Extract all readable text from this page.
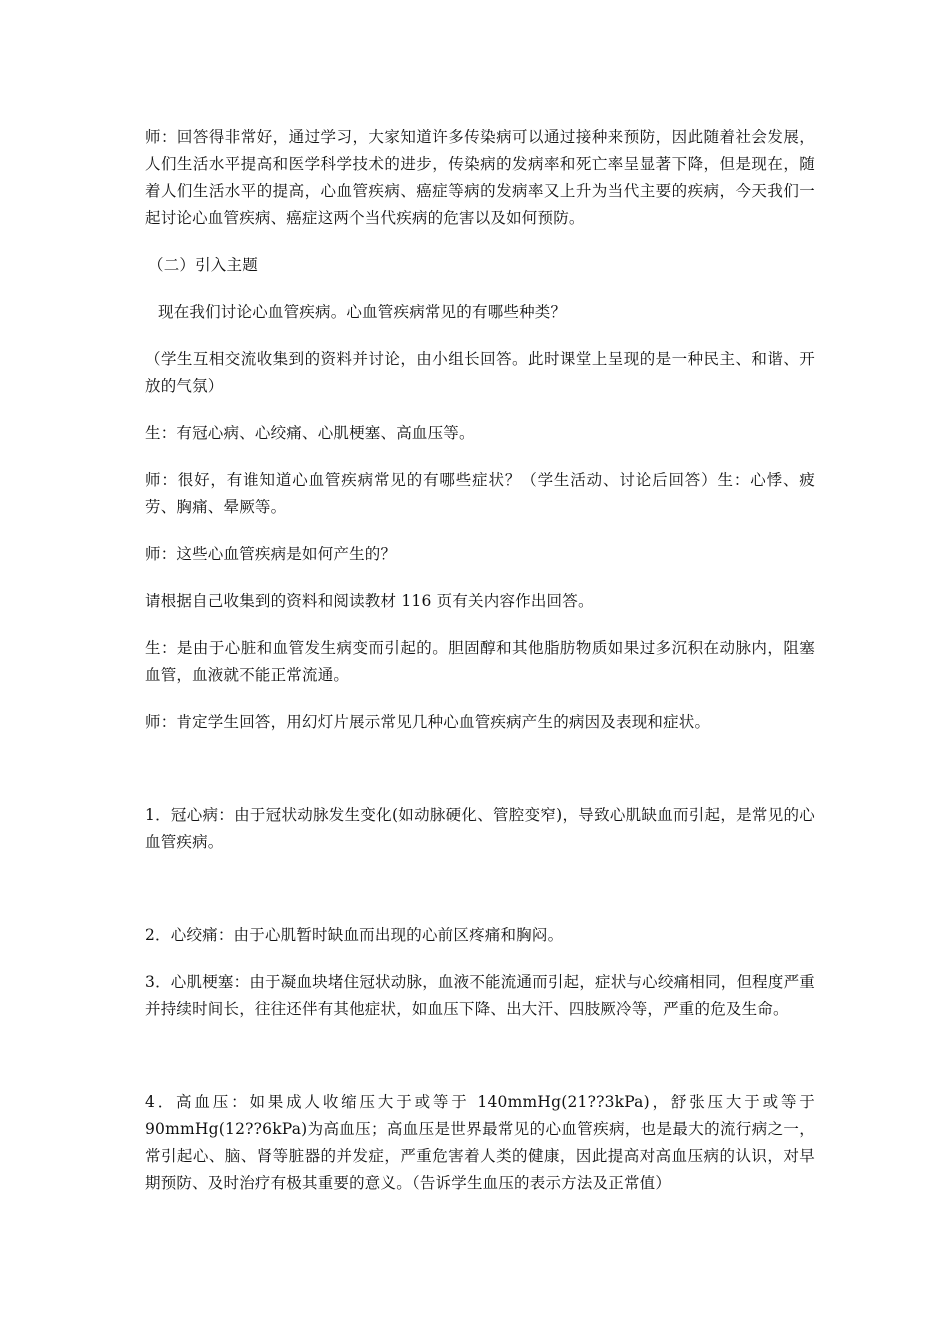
师：回答得非常好，通过学习，大家知道许多传染病可以通过接种来预防，因此随着社会发展，人们生活水平提高和医学科学技术的进步，传染病的发病率和死亡率呈显著下降，但是现在，随着人们生活水平的提高，心血管疾病、癌症等病的发病率又上升为当代主要的疾病，今天我们一起讨论心血管疾病、癌症这两个当代疾病的危害以及如何预防。

（二）引入主题

现在我们讨论心血管疾病。心血管疾病常见的有哪些种类？

（学生互相交流收集到的资料并讨论，由小组长回答。此时课堂上呈现的是一种民主、和谐、开放的气氛）

生：有冠心病、心绞痛、心肌梗塞、高血压等。

师：很好，有谁知道心血管疾病常见的有哪些症状？（学生活动、讨论后回答）生：心悸、疲劳、胸痛、晕厥等。

师：这些心血管疾病是如何产生的？

请根据自己收集到的资料和阅读教材 116 页有关内容作出回答。

生：是由于心脏和血管发生病变而引起的。胆固醇和其他脂肪物质如果过多沉积在动脉内，阻塞血管，血液就不能正常流通。

师：肯定学生回答，用幻灯片展示常见几种心血管疾病产生的病因及表现和症状。

1．冠心病：由于冠状动脉发生变化(如动脉硬化、管腔变窄)，导致心肌缺血而引起，是常见的心血管疾病。

2．心绞痛：由于心肌暂时缺血而出现的心前区疼痛和胸闷。

3．心肌梗塞：由于凝血块堵住冠状动脉，血液不能流通而引起，症状与心绞痛相同，但程度严重并持续时间长，往往还伴有其他症状，如血压下降、出大汗、四肢厥冷等，严重的危及生命。

4．高血压：如果成人收缩压大于或等于 140mmHg(21??3kPa)，舒张压大于或等于 90mmHg(12??6kPa)为高血压；高血压是世界最常见的心血管疾病，也是最大的流行病之一，常引起心、脑、肾等脏器的并发症，严重危害着人类的健康，因此提高对高血压病的认识，对早期预防、及时治疗有极其重要的意义。（告诉学生血压的表示方法及正常值）
